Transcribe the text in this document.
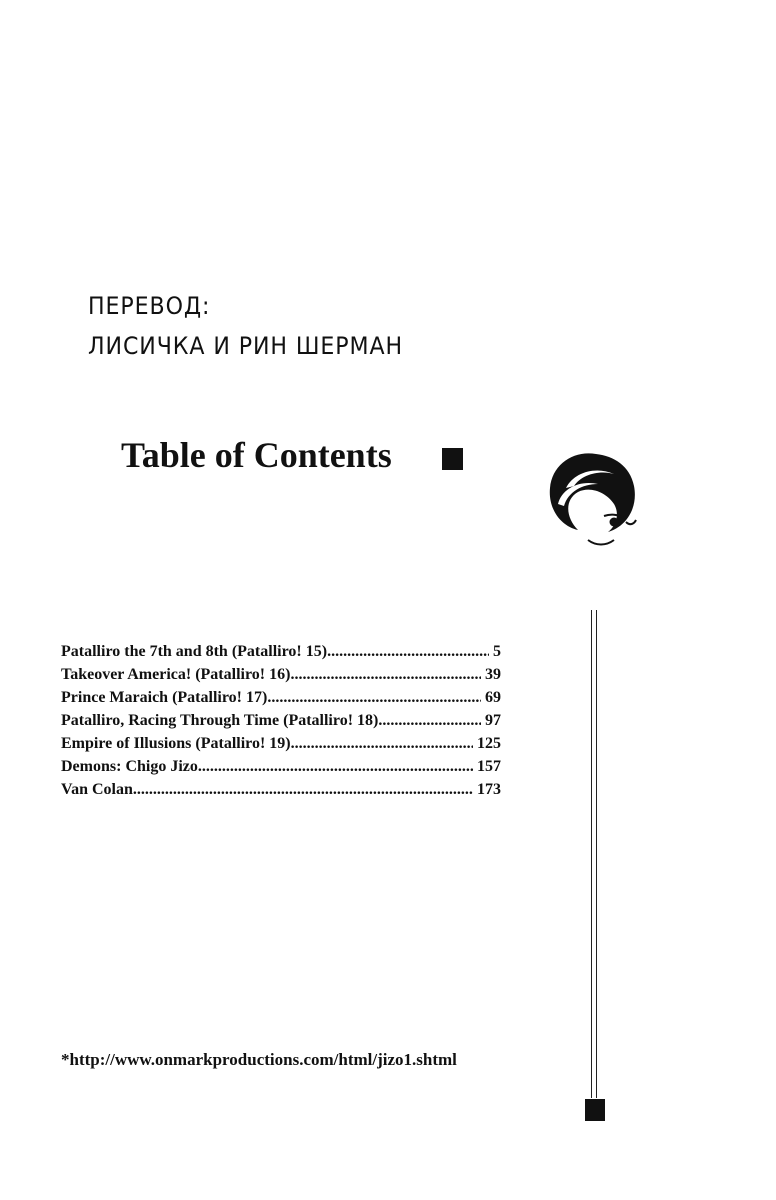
ПЕРЕВОД:
ЛИСИЧКА И РИН ШЕРМАН
Table of Contents
Patalliro the 7th and 8th (Patalliro! 15) .....	5
Takeover America! (Patalliro! 16) .....	39
Prince Maraich (Patalliro! 17) .....	69
Patalliro, Racing Through Time (Patalliro! 18) .....	97
Empire of Illusions (Patalliro! 19) .....	125
Demons: Chigo Jizo .....	157
Van Colan .....	173
*http://www.onmarkproductions.com/html/jizo1.shtml
